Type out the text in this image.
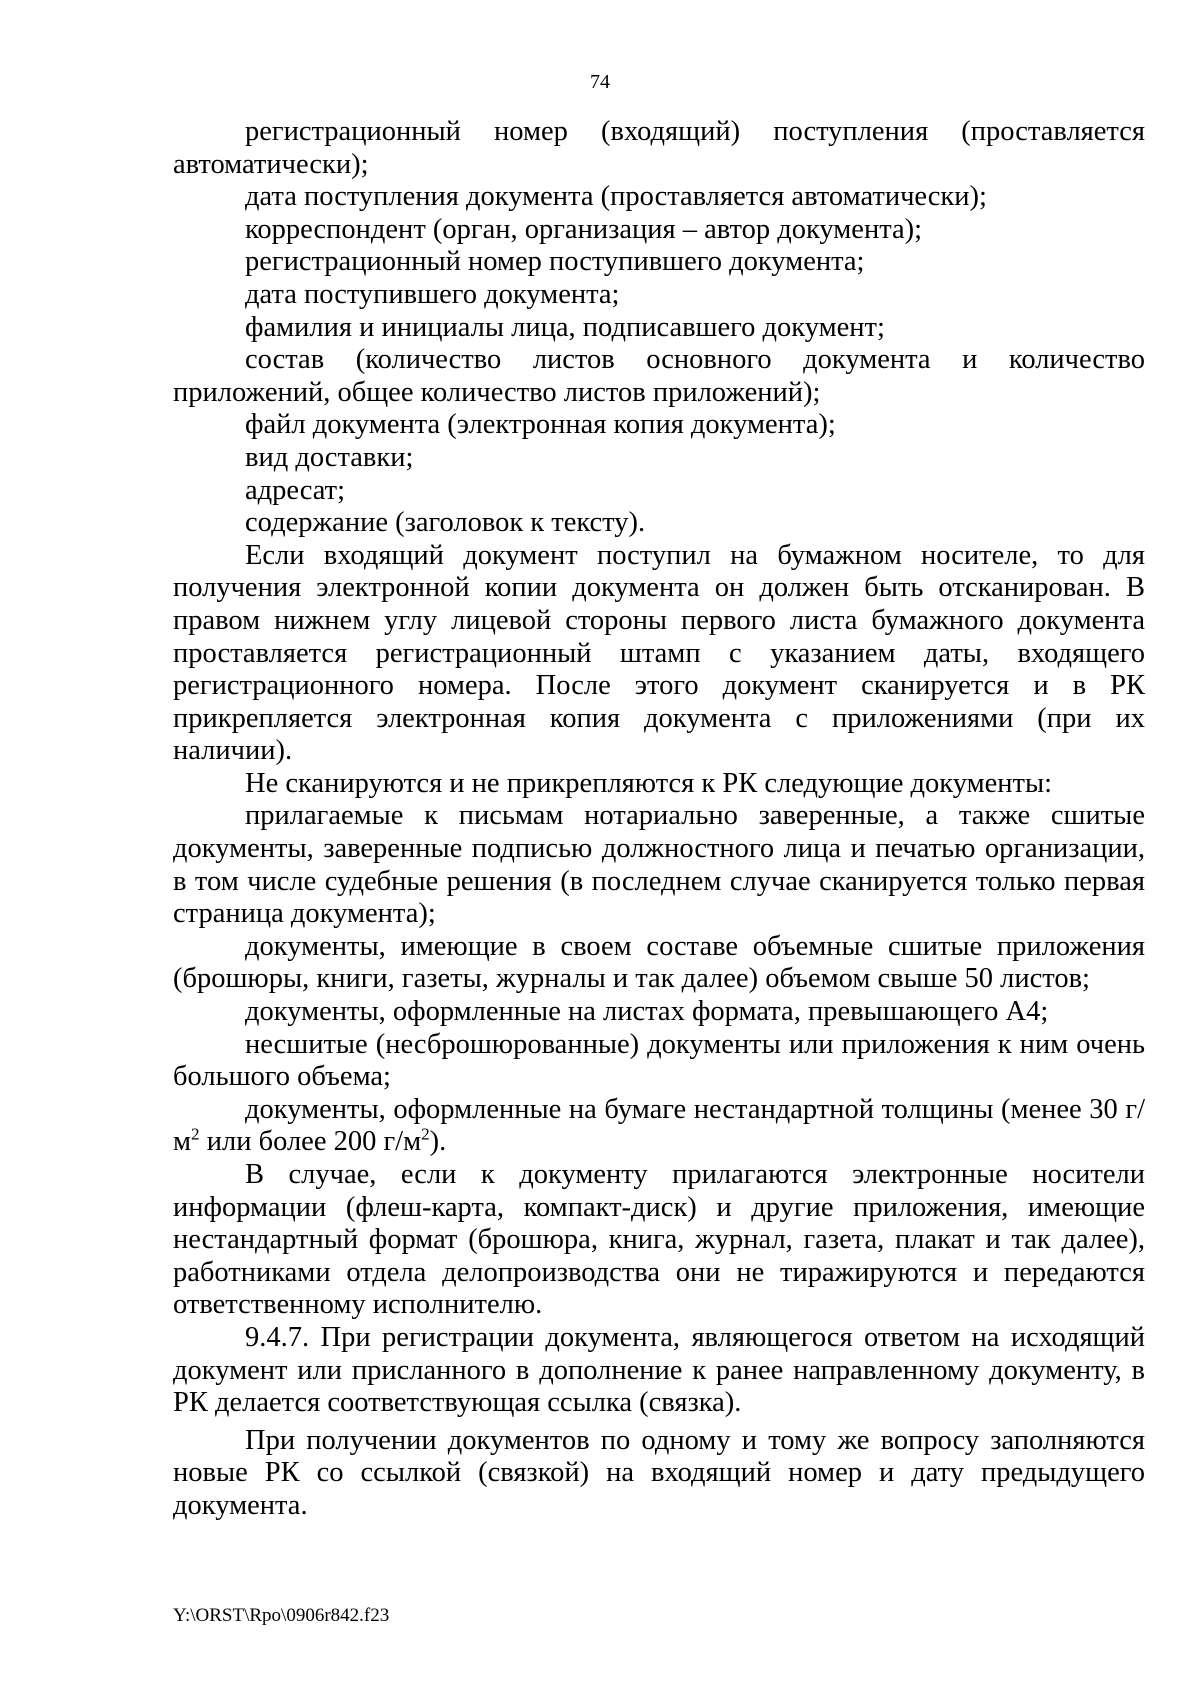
74

регистрационный номер (входящий) поступления (проставляется автоматически);

дата поступления документа (проставляется автоматически);

корреспондент (орган, организация – автор документа);

регистрационный номер поступившего документа;

дата поступившего документа;

фамилия и инициалы лица, подписавшего документ;

состав (количество листов основного документа и количество приложений, общее количество листов приложений);

файл документа (электронная копия документа);

вид доставки;

адресат;

содержание (заголовок к тексту).

Если входящий документ поступил на бумажном носителе, то для получения электронной копии документа он должен быть отсканирован. В правом нижнем углу лицевой стороны первого листа бумажного документа проставляется регистрационный штамп с указанием даты, входящего регистрационного номера. После этого документ сканируется и в РК прикрепляется электронная копия документа с приложениями (при их наличии).

Не сканируются и не прикрепляются к РК следующие документы:

прилагаемые к письмам нотариально заверенные, а также сшитые документы, заверенные подписью должностного лица и печатью организации, в том числе судебные решения (в последнем случае сканируется только первая страница документа);

документы, имеющие в своем составе объемные сшитые приложения (брошюры, книги, газеты, журналы и так далее) объемом свыше 50 листов;

документы, оформленные на листах формата, превышающего А4;

несшитые (несброшюрованные) документы или приложения к ним очень большого объема;

документы, оформленные на бумаге нестандартной толщины (менее 30 $г/м^2$ или более 200 $г/м^2$).

В случае, если к документу прилагаются электронные носители информации (флеш-карта, компакт-диск) и другие приложения, имеющие нестандартный формат (брошюра, книга, журнал, газета, плакат и так далее), работниками отдела делопроизводства они не тиражируются и передаются ответственному исполнителю.

9.4.7. При регистрации документа, являющегося ответом на исходящий документ или присланного в дополнение к ранее направленному документу, в РК делается соответствующая ссылка (связка).

При получении документов по одному и тому же вопросу заполняются новые РК со ссылкой (связкой) на входящий номер и дату предыдущего документа.

Y:\ORST\Rpo\0906r842.f23
